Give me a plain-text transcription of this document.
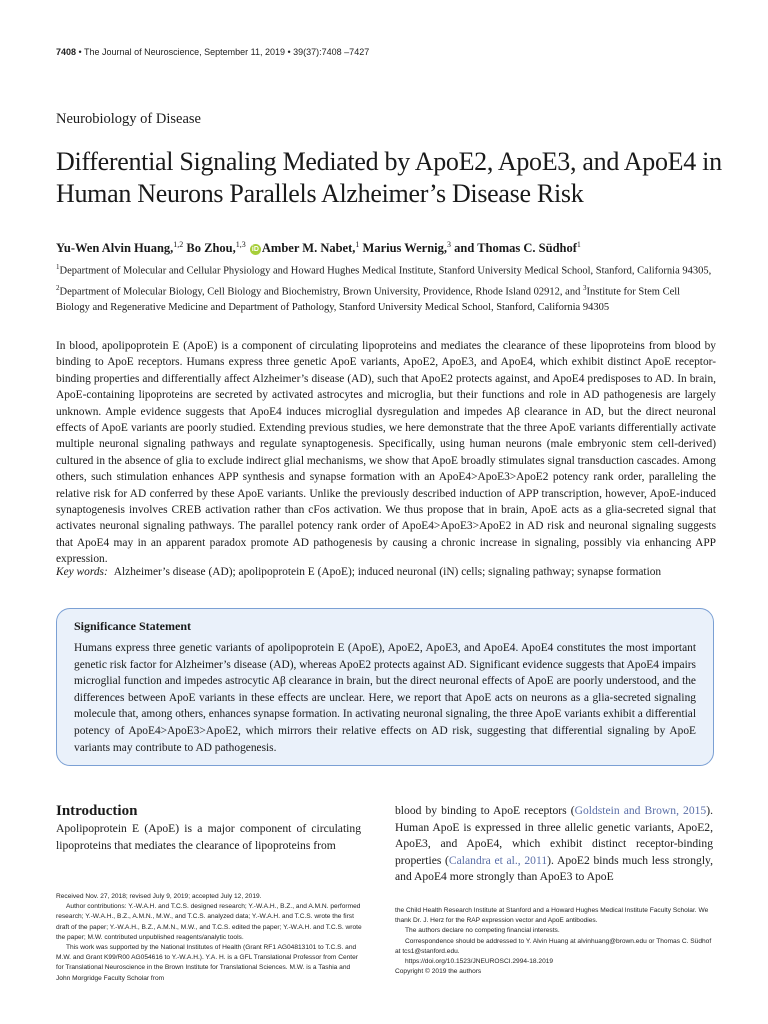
7408 • The Journal of Neuroscience, September 11, 2019 • 39(37):7408 –7427
Neurobiology of Disease
Differential Signaling Mediated by ApoE2, ApoE3, and ApoE4 in Human Neurons Parallels Alzheimer’s Disease Risk
Yu-Wen Alvin Huang,$^{1,2}$ Bo Zhou,$^{1,3}$ iD Amber M. Nabet,$^1$ Marius Wernig,$^3$ and Thomas C. Südhof$^1$
$^1$Department of Molecular and Cellular Physiology and Howard Hughes Medical Institute, Stanford University Medical School, Stanford, California 94305, $^2$Department of Molecular Biology, Cell Biology and Biochemistry, Brown University, Providence, Rhode Island 02912, and $^3$Institute for Stem Cell Biology and Regenerative Medicine and Department of Pathology, Stanford University Medical School, Stanford, California 94305
In blood, apolipoprotein E (ApoE) is a component of circulating lipoproteins and mediates the clearance of these lipoproteins from blood by binding to ApoE receptors. Humans express three genetic ApoE variants, ApoE2, ApoE3, and ApoE4, which exhibit distinct ApoE receptor-binding properties and differentially affect Alzheimer’s disease (AD), such that ApoE2 protects against, and ApoE4 predisposes to AD. In brain, ApoE-containing lipoproteins are secreted by activated astrocytes and microglia, but their functions and role in AD pathogenesis are largely unknown. Ample evidence suggests that ApoE4 induces microglial dysregulation and impedes Aβ clearance in AD, but the direct neuronal effects of ApoE variants are poorly studied. Extending previous studies, we here demonstrate that the three ApoE variants differentially activate multiple neuronal signaling pathways and regulate synaptogenesis. Specifically, using human neurons (male embryonic stem cell-derived) cultured in the absence of glia to exclude indirect glial mechanisms, we show that ApoE broadly stimulates signal transduction cascades. Among others, such stimulation enhances APP synthesis and synapse formation with an ApoE4>ApoE3>ApoE2 potency rank order, paralleling the relative risk for AD conferred by these ApoE variants. Unlike the previously described induction of APP transcription, however, ApoE-induced synaptogenesis involves CREB activation rather than cFos activation. We thus propose that in brain, ApoE acts as a glia-secreted signal that activates neuronal signaling pathways. The parallel potency rank order of ApoE4>ApoE3>ApoE2 in AD risk and neuronal signaling suggests that ApoE4 may in an apparent paradox promote AD pathogenesis by causing a chronic increase in signaling, possibly via enhancing APP expression.
Key words: Alzheimer’s disease (AD); apolipoprotein E (ApoE); induced neuronal (iN) cells; signaling pathway; synapse formation
Significance Statement
Humans express three genetic variants of apolipoprotein E (ApoE), ApoE2, ApoE3, and ApoE4. ApoE4 constitutes the most important genetic risk factor for Alzheimer’s disease (AD), whereas ApoE2 protects against AD. Significant evidence suggests that ApoE4 impairs microglial function and impedes astrocytic Aβ clearance in brain, but the direct neuronal effects of ApoE are poorly understood, and the differences between ApoE variants in these effects are unclear. Here, we report that ApoE acts on neurons as a glia-secreted signaling molecule that, among others, enhances synapse formation. In activating neuronal signaling, the three ApoE variants exhibit a differential potency of ApoE4>ApoE3>ApoE2, which mirrors their relative effects on AD risk, suggesting that differential signaling by ApoE variants may contribute to AD pathogenesis.
Introduction
Apolipoprotein E (ApoE) is a major component of circulating lipoproteins that mediates the clearance of lipoproteins from
blood by binding to ApoE receptors (Goldstein and Brown, 2015). Human ApoE is expressed in three allelic genetic variants, ApoE2, ApoE3, and ApoE4, which exhibit distinct receptor-binding properties (Calandra et al., 2011). ApoE2 binds much less strongly, and ApoE4 more strongly than ApoE3 to ApoE

Received Nov. 27, 2018; revised July 9, 2019; accepted July 12, 2019.

Author contributions: Y.-W.A.H. and T.C.S. designed research; Y.-W.A.H., B.Z., and A.M.N. performed research; Y.-W.A.H., B.Z., A.M.N., M.W., and T.C.S. analyzed data; Y.-W.A.H. and T.C.S. wrote the first draft of the paper; Y.-W.A.H., B.Z., A.M.N., M.W., and T.C.S. edited the paper; Y.-W.A.H. and T.C.S. wrote the paper; M.W. contributed unpublished reagents/analytic tools.

This work was supported by the National Institutes of Health (Grant RF1 AG04813101 to T.C.S. and M.W. and Grant K99/R00 AG054616 to Y.-W.A.H.). Y.A. H. is a GFL Translational Professor from Center for Translational Neuroscience in the Brown Institute for Translational Sciences. M.W. is a Tashia and John Morgridge Faculty Scholar from

the Child Health Research Institute at Stanford and a Howard Hughes Medical Institute Faculty Scholar. We thank Dr. J. Herz for the RAP expression vector and ApoE antibodies.

The authors declare no competing financial interests.

Correspondence should be addressed to Y. Alvin Huang at alvinhuang@brown.edu or Thomas C. Südhof at tcs1@stanford.edu.

https://doi.org/10.1523/JNEUROSCI.2994-18.2019

Copyright © 2019 the authors
